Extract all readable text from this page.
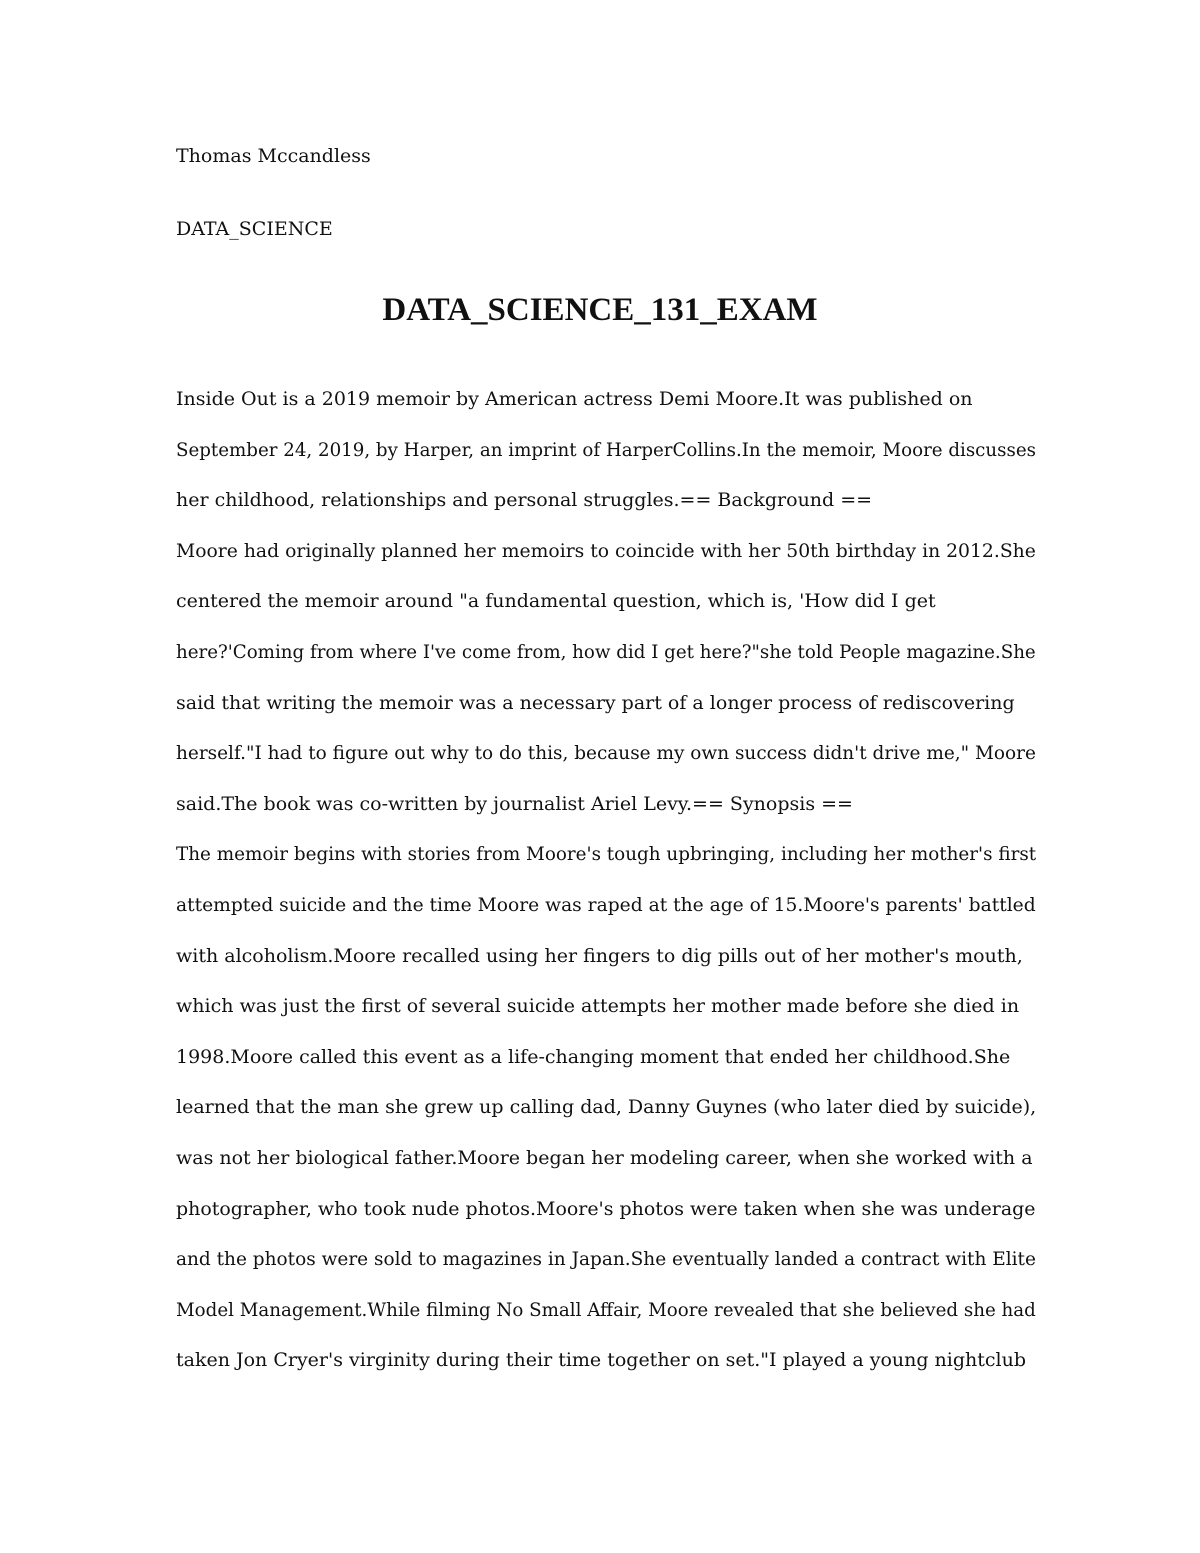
Thomas Mccandless
DATA_SCIENCE
DATA_SCIENCE_131_EXAM
Inside Out is a 2019 memoir by American actress Demi Moore.It was published on
September 24, 2019, by Harper, an imprint of HarperCollins.In the memoir, Moore discusses
her childhood, relationships and personal struggles.== Background ==
Moore had originally planned her memoirs to coincide with her 50th birthday in 2012.She
centered the memoir around "a fundamental question, which is, 'How did I get
here?'Coming from where I've come from, how did I get here?"she told People magazine.She
said that writing the memoir was a necessary part of a longer process of rediscovering
herself."I had to figure out why to do this, because my own success didn't drive me," Moore
said.The book was co-written by journalist Ariel Levy.== Synopsis ==
The memoir begins with stories from Moore's tough upbringing, including her mother's first
attempted suicide and the time Moore was raped at the age of 15.Moore's parents' battled
with alcoholism.Moore recalled using her fingers to dig pills out of her mother's mouth,
which was just the first of several suicide attempts her mother made before she died in
1998.Moore called this event as a life-changing moment that ended her childhood.She
learned that the man she grew up calling dad, Danny Guynes (who later died by suicide),
was not her biological father.Moore began her modeling career, when she worked with a
photographer, who took nude photos.Moore's photos were taken when she was underage
and the photos were sold to magazines in Japan.She eventually landed a contract with Elite
Model Management.While filming No Small Affair, Moore revealed that she believed she had
taken Jon Cryer's virginity during their time together on set."I played a young nightclub
